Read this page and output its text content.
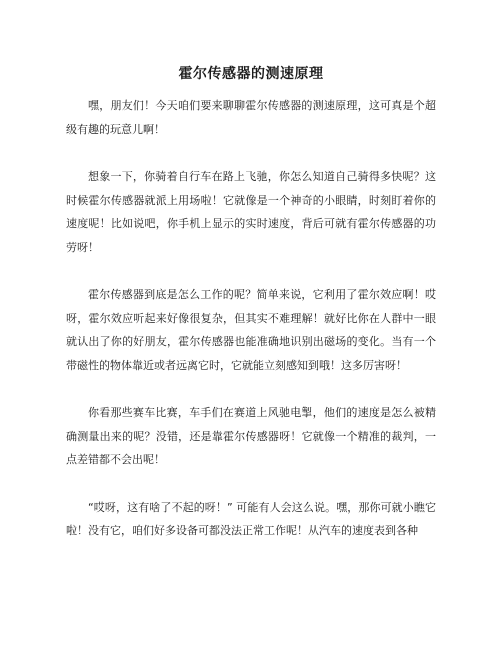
霍尔传感器的测速原理

嘿，朋友们！今天咱们要来聊聊霍尔传感器的测速原理，这可真是个超级有趣的玩意儿啊！

想象一下，你骑着自行车在路上飞驰，你怎么知道自己骑得多快呢？这时候霍尔传感器就派上用场啦！它就像是一个神奇的小眼睛，时刻盯着你的速度呢！比如说吧，你手机上显示的实时速度，背后可就有霍尔传感器的功劳呀！

霍尔传感器到底是怎么工作的呢？简单来说，它利用了霍尔效应啊！哎呀，霍尔效应听起来好像很复杂，但其实不难理解！就好比你在人群中一眼就认出了你的好朋友，霍尔传感器也能准确地识别出磁场的变化。当有一个带磁性的物体靠近或者远离它时，它就能立刻感知到哦！这多厉害呀！

你看那些赛车比赛，车手们在赛道上风驰电掣，他们的速度是怎么被精确测量出来的呢？没错，还是靠霍尔传感器呀！它就像一个精准的裁判，一点差错都不会出呢！

“哎呀，这有啥了不起的呀！” 可能有人会这么说。嘿，那你可就小瞧它啦！没有它，咱们好多设备可都没法正常工作呢！从汽车的速度表到各种
